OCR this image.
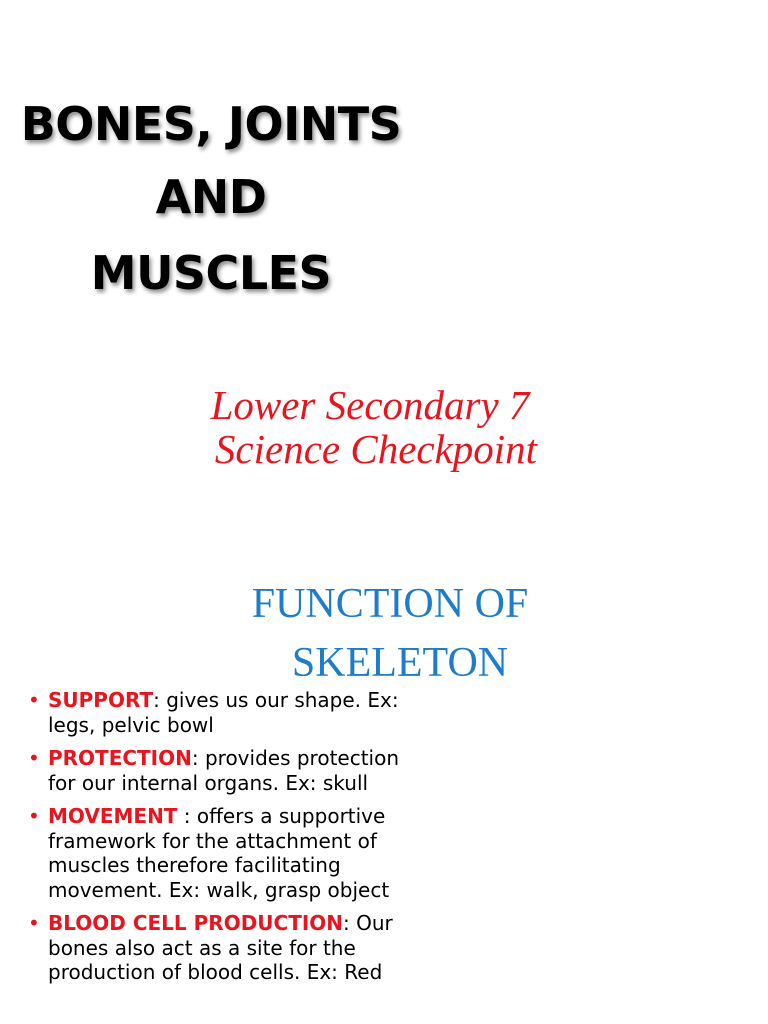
BONES, JOINTS
AND
MUSCLES
Lower Secondary 7
Science Checkpoint
FUNCTION OF
SKELETON
• SUPPORT: gives us our shape. Ex: legs, pelvic bowl
• PROTECTION: provides protection for our internal organs. Ex: skull
• MOVEMENT : offers a supportive framework for the attachment of muscles therefore facilitating movement. Ex: walk, grasp object
• BLOOD CELL PRODUCTION: Our bones also act as a site for the production of blood cells. Ex: Red
